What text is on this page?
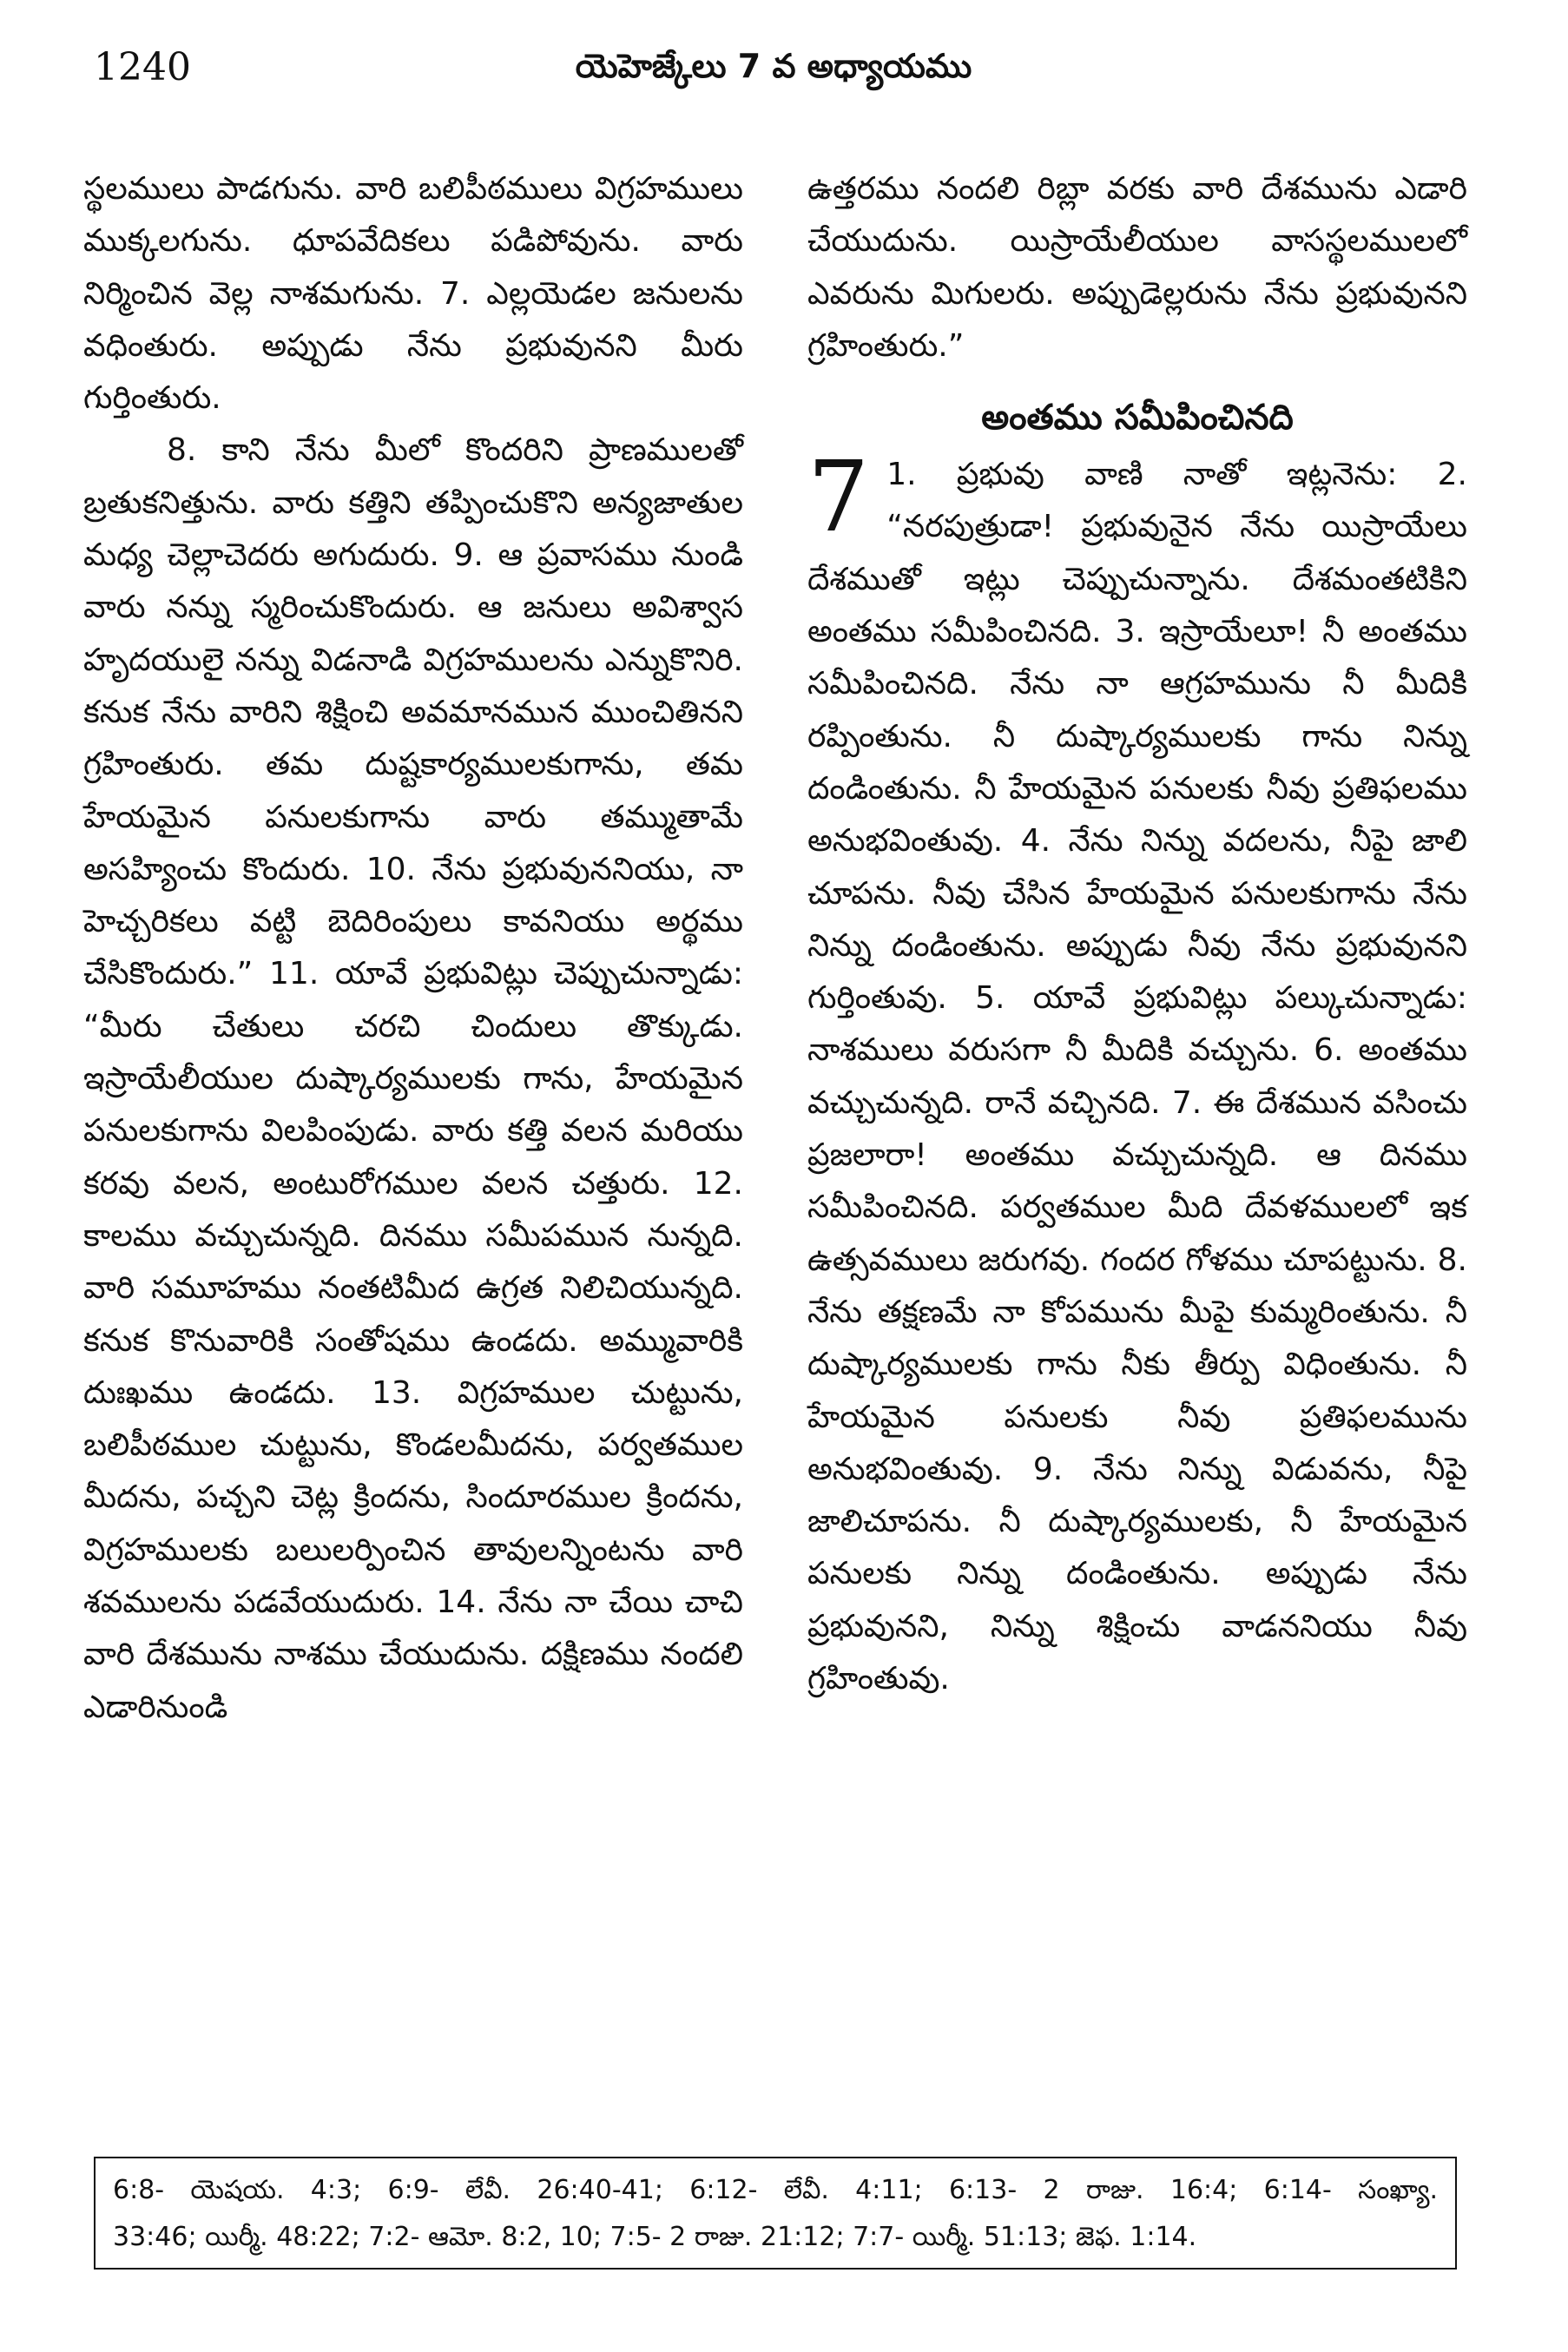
1240	యెహెజ్కేలు 7 వ అధ్యాయము

స్థలములు పాడగును. వారి బలిపీఠములు విగ్రహములు ముక్కలగును. ధూపవేదికలు పడిపోవును. వారు నిర్మించిన వెల్ల నాశమగును. 7. ఎల్లయెడల జనులను వధింతురు. అప్పుడు నేను ప్రభువునని మీరు గుర్తింతురు.

8. కాని నేను మీలో కొందరిని ప్రాణములతో బ్రతుకనిత్తును. వారు కత్తిని తప్పించుకొని అన్యజాతుల మధ్య చెల్లాచెదరు అగుదురు. 9. ఆ ప్రవాసము నుండి వారు నన్ను స్మరించుకొందురు. ఆ జనులు అవిశ్వాస హృదయులై నన్ను విడనాడి విగ్రహములను ఎన్నుకొనిరి. కనుక నేను వారిని శిక్షించి అవమానమున ముంచితినని గ్రహింతురు. తమ దుష్టకార్యములకుగాను, తమ హేయమైన పనులకుగాను వారు తమ్ముతామే అసహ్యించు కొందురు. 10. నేను ప్రభువుననియు, నా హెచ్చరికలు వట్టి బెదిరింపులు కావనియు అర్థము చేసికొందురు.” 11. యావే ప్రభువిట్లు చెప్పుచున్నాడు: “మీరు చేతులు చరచి చిందులు తొక్కుడు. ఇస్రాయేలీయుల దుష్కార్యములకు గాను, హేయమైన పనులకుగాను విలపింపుడు. వారు కత్తి వలన మరియు కరవు వలన, అంటురోగముల వలన చత్తురు. 12. కాలము వచ్చుచున్నది. దినము సమీపమున నున్నది. వారి సమూహము నంతటిమీద ఉగ్రత నిలిచియున్నది. కనుక కొనువారికి సంతోషము ఉండదు. అమ్మువారికి దుఃఖము ఉండదు. 13. విగ్రహముల చుట్టును, బలిపీఠముల చుట్టును, కొండలమీదను, పర్వతముల మీదను, పచ్చని చెట్ల క్రిందను, సిందూరముల క్రిందను, విగ్రహములకు బలులర్పించిన తావులన్నింటను వారి శవములను పడవేయుదురు. 14. నేను నా చేయి చాచి వారి దేశమును నాశము చేయుదును. దక్షిణము నందలి ఎడారినుండి

ఉత్తరము నందలి రిబ్లా వరకు వారి దేశమును ఎడారి చేయుదును. యిస్రాయేలీయుల వాసస్థలములలో ఎవరును మిగులరు. అప్పుడెల్లరును నేను ప్రభువునని గ్రహింతురు.”

అంతము సమీపించినది

7 1. ప్రభువు వాణి నాతో ఇట్లనెను: 2. “నరపుత్రుడా! ప్రభువునైన నేను యిస్రాయేలు దేశముతో ఇట్లు చెప్పుచున్నాను. దేశమంతటికిని అంతము సమీపించినది. 3. ఇస్రాయేలూ! నీ అంతము సమీపించినది. నేను నా ఆగ్రహమును నీ మీదికి రప్పింతును. నీ దుష్కార్యములకు గాను నిన్ను దండింతును. నీ హేయమైన పనులకు నీవు ప్రతిఫలము అనుభవింతువు. 4. నేను నిన్ను వదలను, నీపై జాలి చూపను. నీవు చేసిన హేయమైన పనులకుగాను నేను నిన్ను దండింతును. అప్పుడు నీవు నేను ప్రభువునని గుర్తింతువు. 5. యావే ప్రభువిట్లు పల్కుచున్నాడు: నాశములు వరుసగా నీ మీదికి వచ్చును. 6. అంతము వచ్చుచున్నది. రానే వచ్చినది. 7. ఈ దేశమున వసించు ప్రజలారా! అంతము వచ్చుచున్నది. ఆ దినము సమీపించినది. పర్వతముల మీది దేవళములలో ఇక ఉత్సవములు జరుగవు. గందర గోళము చూపట్టును. 8. నేను తక్షణమే నా కోపమును మీపై కుమ్మరింతును. నీ దుష్కార్యములకు గాను నీకు తీర్పు విధింతును. నీ హేయమైన పనులకు నీవు ప్రతిఫలమును అనుభవింతువు. 9. నేను నిన్ను విడువను, నీపై జాలిచూపను. నీ దుష్కార్యములకు, నీ హేయమైన పనులకు నిన్ను దండింతును. అప్పుడు నేను ప్రభువునని, నిన్ను శిక్షించు వాడననియు నీవు గ్రహింతువు.

6:8- యెషయ. 4:3; 6:9- లేవీ. 26:40-41; 6:12- లేవీ. 4:11; 6:13- 2 రాజు. 16:4; 6:14- సంఖ్యా.

33:46; యిర్మీ. 48:22; 7:2- ఆమో. 8:2, 10; 7:5- 2 రాజు. 21:12; 7:7- యిర్మీ. 51:13; జెఫ. 1:14.
